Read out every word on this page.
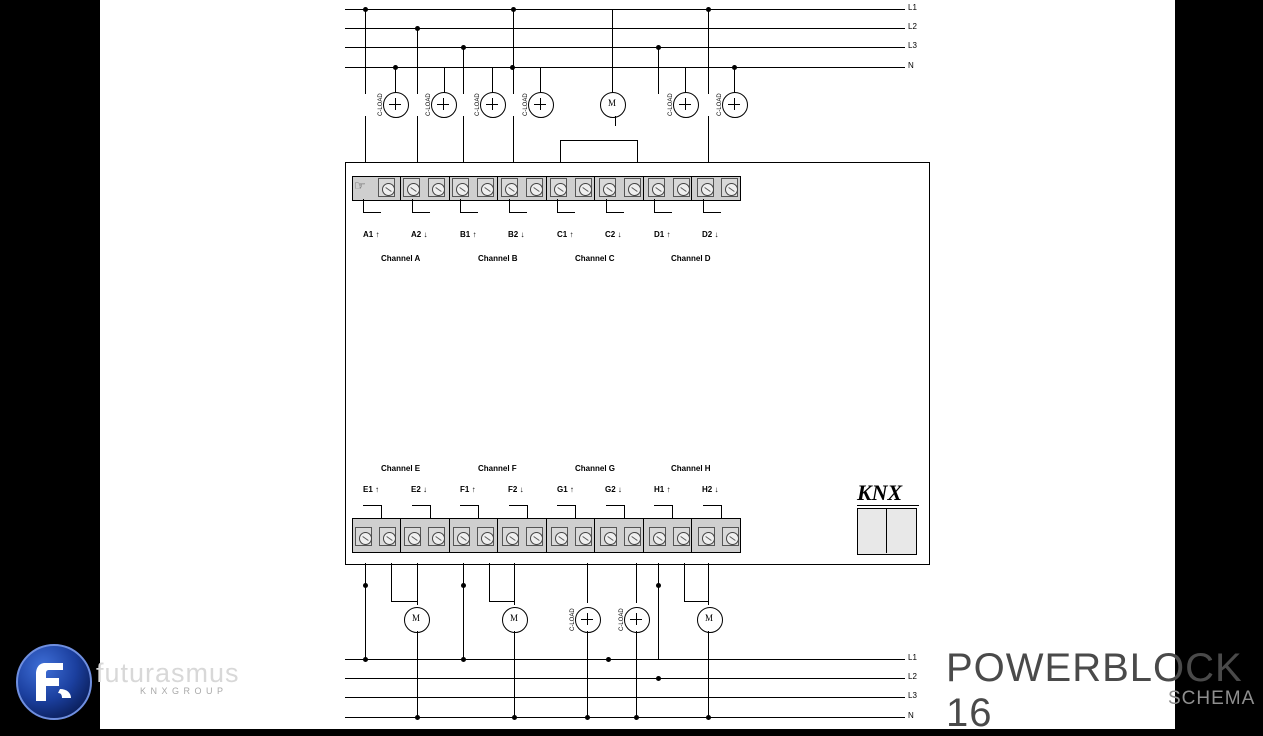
L1
L2
L3
N
C-LOAD	C-LOAD	C-LOAD	C-LOAD	M	C-LOAD	C-LOAD
☞
A1 ↑	A2 ↓	B1 ↑	B2 ↓	C1 ↑	C2 ↓	D1 ↑	D2 ↓
Channel A	Channel B	Channel C	Channel D
Channel E	Channel F	Channel G	Channel H
E1 ↑	E2 ↓	F1 ↑	F2 ↓	G1 ↑	G2 ↓	H1 ↑	H2 ↓	KNX
M	M	C-LOAD	C-LOAD	M
L1
L2
L3
N
futurasmus
K N X G R O U P
POWERBLOCK 16	SCHEMA
